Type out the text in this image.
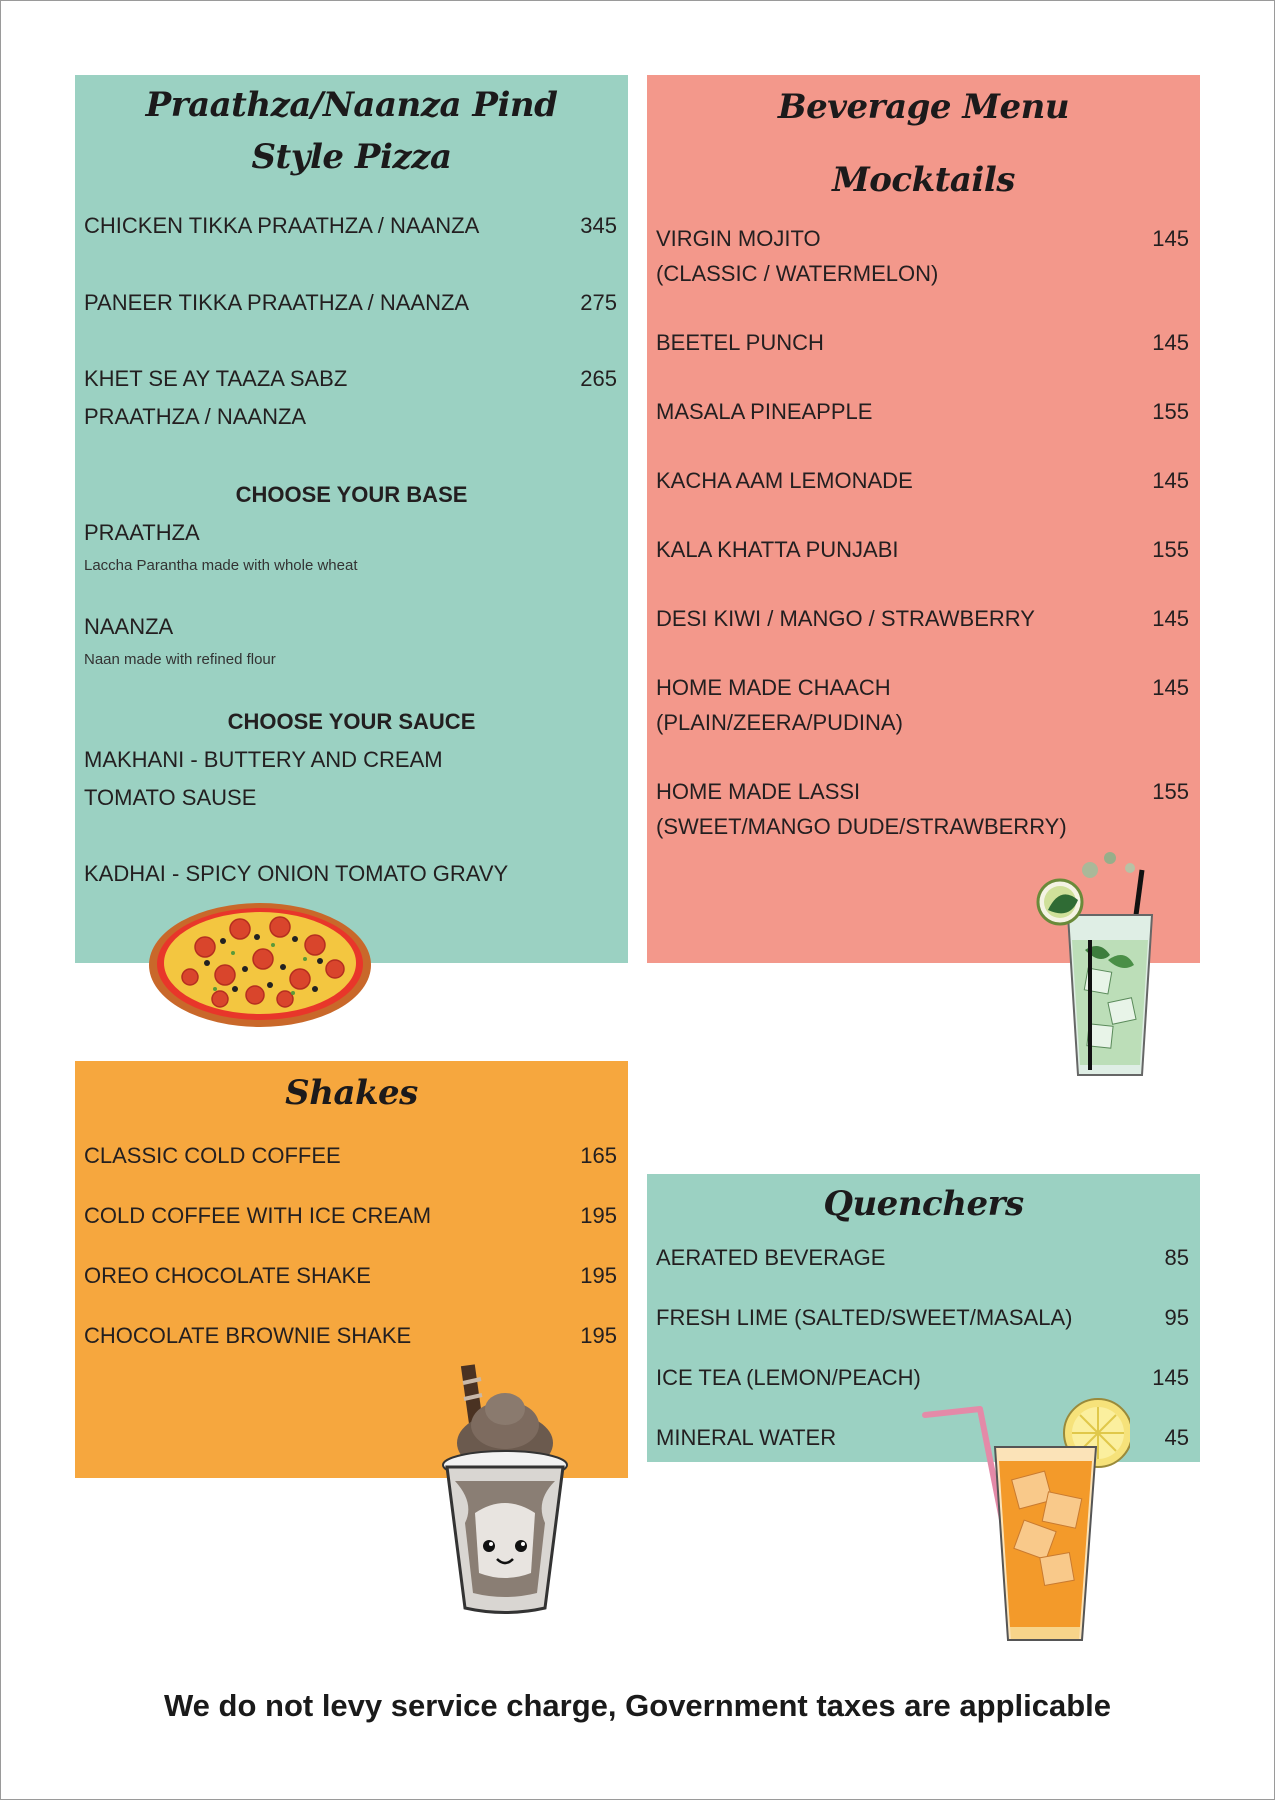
Praathza/Naanza Pind
Style Pizza
CHICKEN TIKKA PRAATHZA / NAANZA	345
PANEER TIKKA PRAATHZA / NAANZA	275
KHET SE AY TAAZA SABZ	265
PRAATHZA / NAANZA
CHOOSE YOUR BASE
PRAATHZA
Laccha Parantha made with whole wheat
NAANZA
Naan made with refined flour
CHOOSE YOUR SAUCE
MAKHANI - BUTTERY AND CREAM
TOMATO SAUSE
KADHAI - SPICY ONION TOMATO GRAVY
Beverage Menu
Mocktails
VIRGIN MOJITO	145
(CLASSIC / WATERMELON)
BEETEL PUNCH	145
MASALA PINEAPPLE	155
KACHA AAM LEMONADE	145
KALA KHATTA PUNJABI	155
DESI KIWI / MANGO / STRAWBERRY	145
HOME MADE CHAACH	145
(PLAIN/ZEERA/PUDINA)
HOME MADE LASSI	155
(SWEET/MANGO DUDE/STRAWBERRY)
Shakes
CLASSIC COLD COFFEE	165
COLD COFFEE WITH ICE CREAM	195
OREO CHOCOLATE SHAKE	195
CHOCOLATE BROWNIE SHAKE	195
Quenchers
AERATED BEVERAGE	85
FRESH LIME (SALTED/SWEET/MASALA)	95
ICE TEA (LEMON/PEACH)	145
MINERAL WATER	45
We do not levy service charge, Government taxes are applicable
